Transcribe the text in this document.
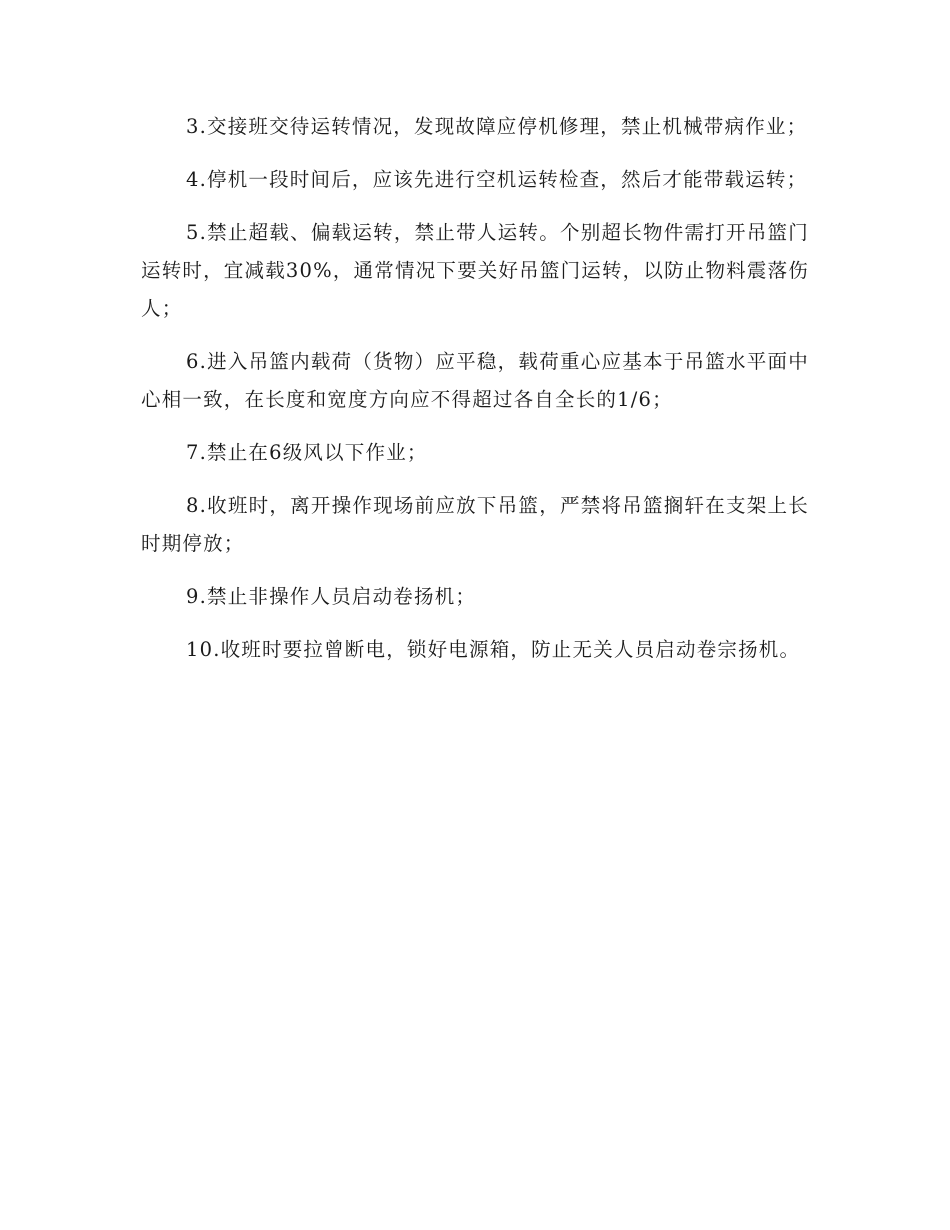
3.交接班交待运转情况，发现故障应停机修理，禁止机械带病作业；

4.停机一段时间后，应该先进行空机运转检查，然后才能带载运转；

5.禁止超载、偏载运转，禁止带人运转。个别超长物件需打开吊篮门运转时，宜减载30%，通常情况下要关好吊篮门运转，以防止物料震落伤人；

6.进入吊篮内载荷（货物）应平稳，载荷重心应基本于吊篮水平面中心相一致，在长度和宽度方向应不得超过各自全长的1/6；

7.禁止在6级风以下作业；

8.收班时，离开操作现场前应放下吊篮，严禁将吊篮搁轩在支架上长时期停放；

9.禁止非操作人员启动卷扬机；

10.收班时要拉曾断电，锁好电源箱，防止无关人员启动卷宗扬机。
